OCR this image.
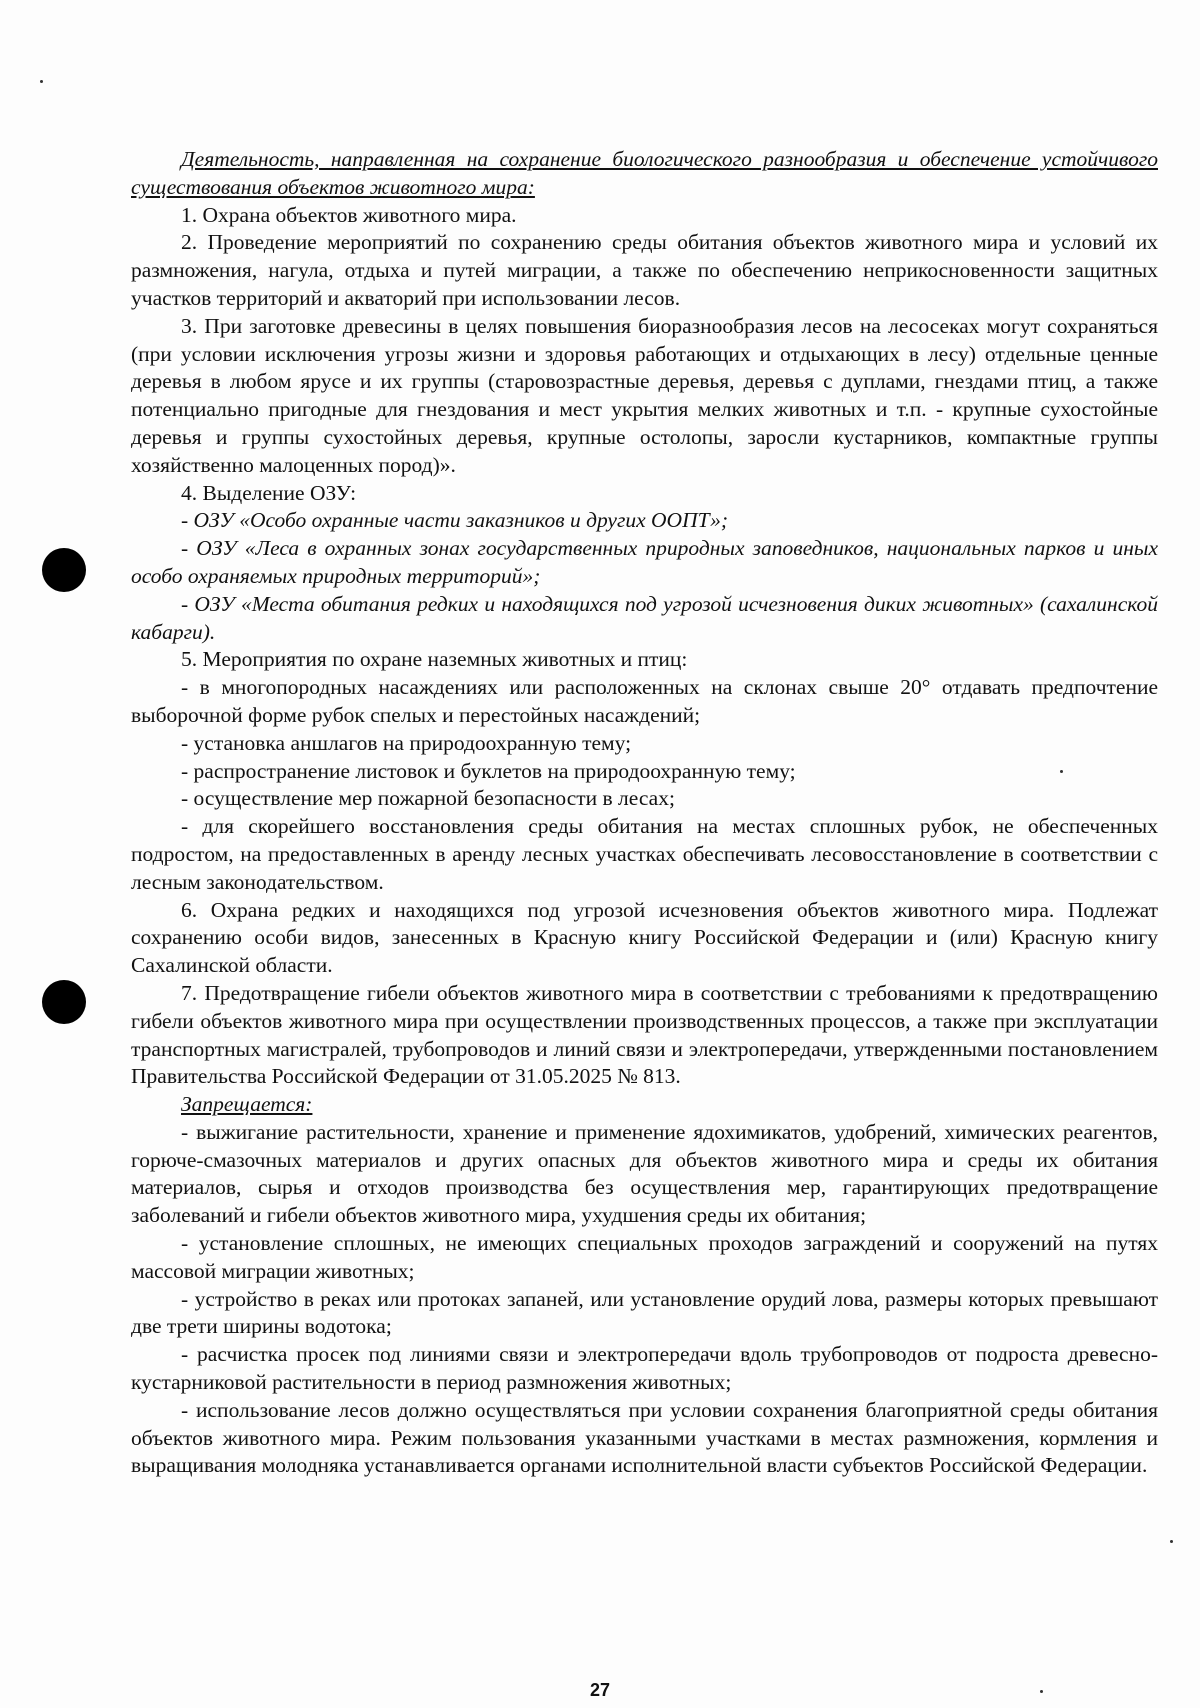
Деятельность, направленная на сохранение биологического разнообразия и обеспечение устойчивого существования объектов животного мира:

1. Охрана объектов животного мира.

2. Проведение мероприятий по сохранению среды обитания объектов животного мира и условий их размножения, нагула, отдыха и путей миграции, а также по обеспечению неприкосновенности защитных участков территорий и акваторий при использовании лесов.

3. При заготовке древесины в целях повышения биоразнообразия лесов на лесосеках могут сохраняться (при условии исключения угрозы жизни и здоровья работающих и отдыхающих в лесу) отдельные ценные деревья в любом ярусе и их группы (старовозрастные деревья, деревья с дуплами, гнездами птиц, а также потенциально пригодные для гнездования и мест укрытия мелких животных и т.п. - крупные сухостойные деревья и группы сухостойных деревья, крупные остолопы, заросли кустарников, компактные группы хозяйственно малоценных пород)».

4. Выделение ОЗУ:

- ОЗУ «Особо охранные части заказников и других ООПТ»;

- ОЗУ «Леса в охранных зонах государственных природных заповедников, национальных парков и иных особо охраняемых природных территорий»;

- ОЗУ «Места обитания редких и находящихся под угрозой исчезновения диких животных» (сахалинской кабарги).

5. Мероприятия по охране наземных животных и птиц:

- в многопородных насаждениях или расположенных на склонах свыше 20° отдавать предпочтение выборочной форме рубок спелых и перестойных насаждений;

- установка аншлагов на природоохранную тему;

- распространение листовок и буклетов на природоохранную тему;

- осуществление мер пожарной безопасности в лесах;

- для скорейшего восстановления среды обитания на местах сплошных рубок, не обеспеченных подростом, на предоставленных в аренду лесных участках обеспечивать лесовосстановление в соответствии с лесным законодательством.

6. Охрана редких и находящихся под угрозой исчезновения объектов животного мира. Подлежат сохранению особи видов, занесенных в Красную книгу Российской Федерации и (или) Красную книгу Сахалинской области.

7. Предотвращение гибели объектов животного мира в соответствии с требованиями к предотвращению гибели объектов животного мира при осуществлении производственных процессов, а также при эксплуатации транспортных магистралей, трубопроводов и линий связи и электропередачи, утвержденными постановлением Правительства Российской Федерации от 31.05.2025 № 813.

Запрещается:

- выжигание растительности, хранение и применение ядохимикатов, удобрений, химических реагентов, горюче-смазочных материалов и других опасных для объектов животного мира и среды их обитания материалов, сырья и отходов производства без осуществления мер, гарантирующих предотвращение заболеваний и гибели объектов животного мира, ухудшения среды их обитания;

- установление сплошных, не имеющих специальных проходов заграждений и сооружений на путях массовой миграции животных;

- устройство в реках или протоках запаней, или установление орудий лова, размеры которых превышают две трети ширины водотока;

- расчистка просек под линиями связи и электропередачи вдоль трубопроводов от подроста древесно-кустарниковой растительности в период размножения животных;

- использование лесов должно осуществляться при условии сохранения благоприятной среды обитания объектов животного мира. Режим пользования указанными участками в местах размножения, кормления и выращивания молодняка устанавливается органами исполнительной власти субъектов Российской Федерации.

27
